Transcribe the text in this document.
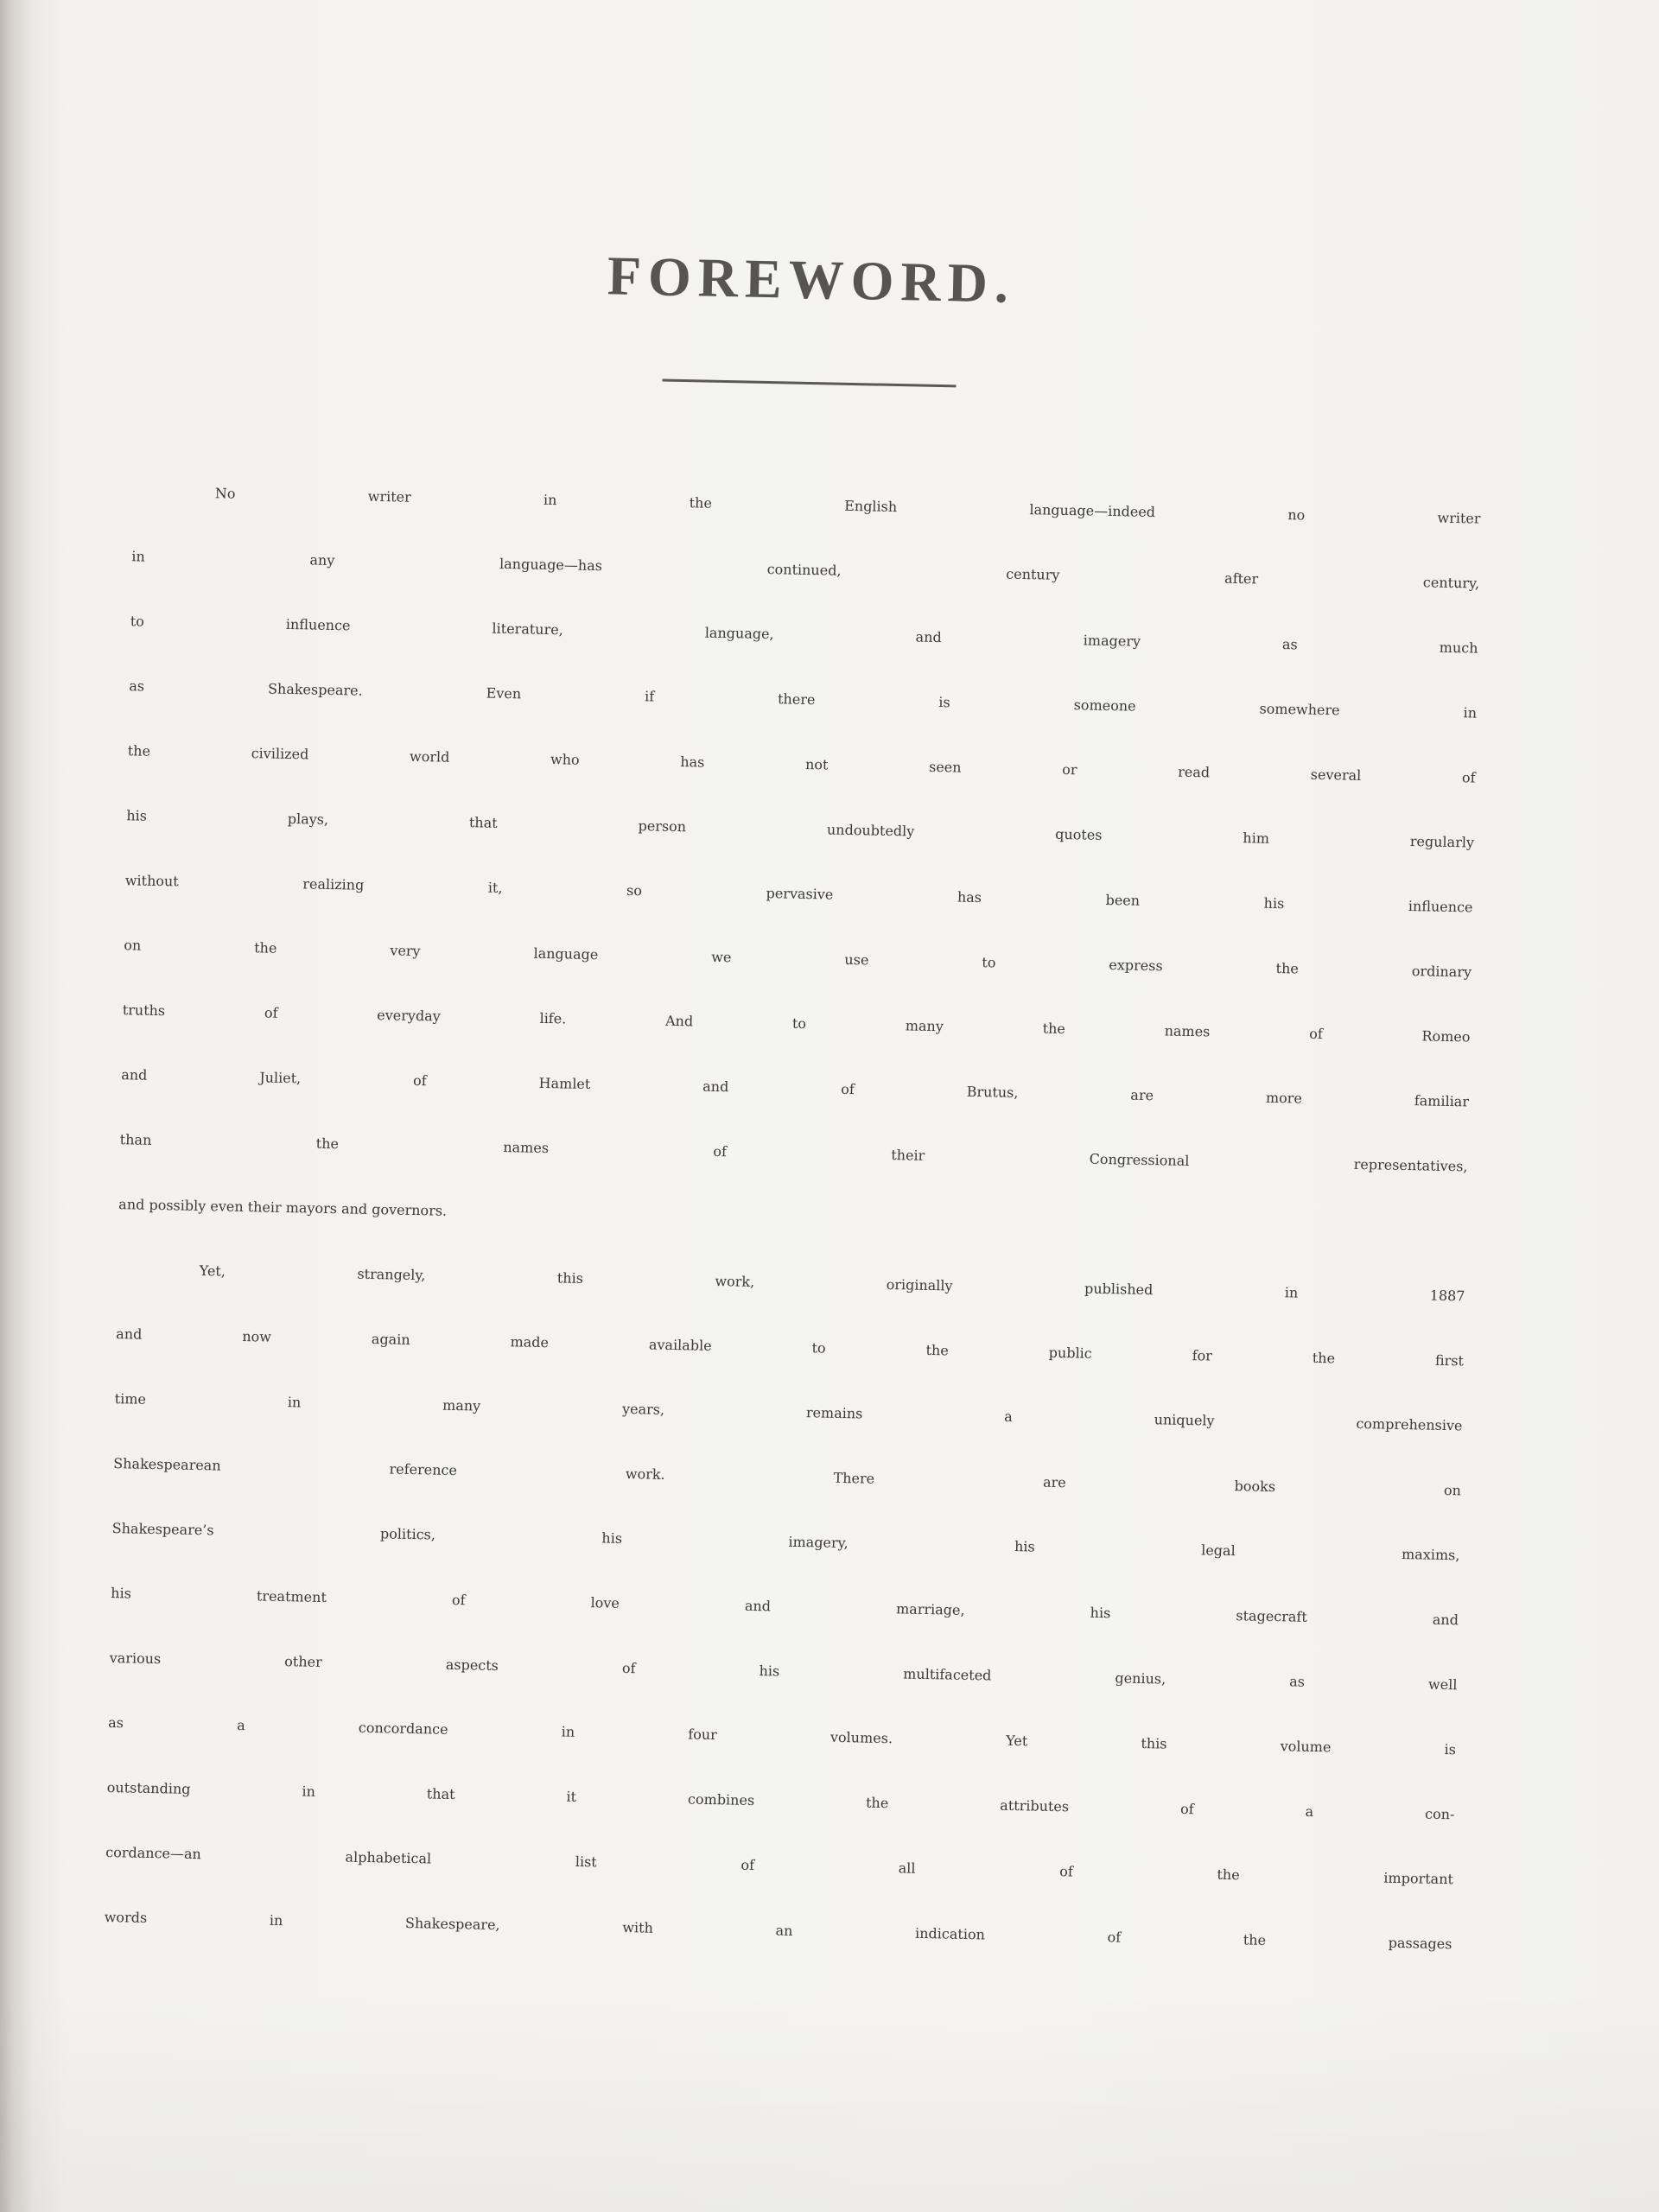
FOREWORD.
No writer in the English language—indeed no writer
in any language—has continued, century after century,
to influence literature, language, and imagery as much
as Shakespeare. Even if there is someone somewhere in
the civilized world who has not seen or read several of
his plays, that person undoubtedly quotes him regularly
without realizing it, so pervasive has been his influence
on the very language we use to express the ordinary
truths of everyday life. And to many the names of Romeo
and Juliet, of Hamlet and of Brutus, are more familiar
than the names of their Congressional representatives,
and possibly even their mayors and governors.
Yet, strangely, this work, originally published in 1887
and now again made available to the public for the first
time in many years, remains a uniquely comprehensive
Shakespearean reference work. There are books on
Shakespeare’s politics, his imagery, his legal maxims,
his treatment of love and marriage, his stagecraft and
various other aspects of his multifaceted genius, as well
as a concordance in four volumes. Yet this volume is
outstanding in that it combines the attributes of a con-
cordance—an alphabetical list of all of the important
words in Shakespeare, with an indication of the passages
